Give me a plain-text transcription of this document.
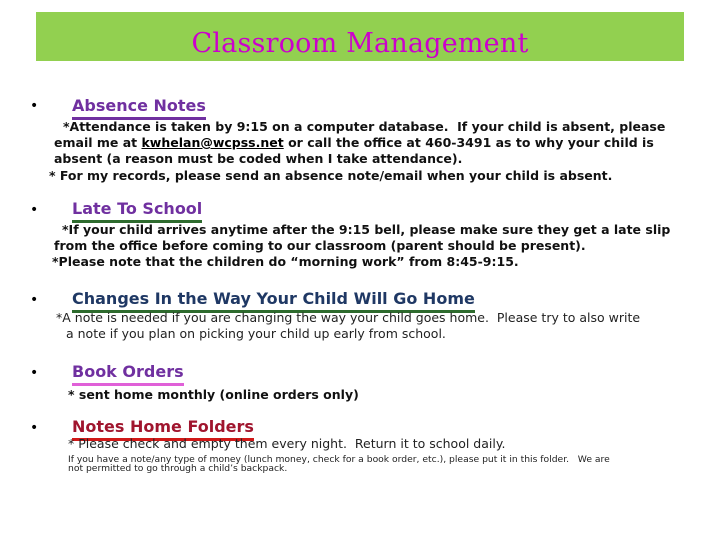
Classroom Management
• Absence Notes
*Attendance is taken by 9:15 on a computer database.  If your child is absent, please
email me at kwhelan@wcpss.net or call the office at 460-3491 as to why your child is
absent (a reason must be coded when I take attendance).
* For my records, please send an absence note/email when your child is absent.
• Late To School
*If your child arrives anytime after the 9:15 bell, please make sure they get a late slip
from the office before coming to our classroom (parent should be present).
*Please note that the children do “morning work” from 8:45-9:15.
• Changes In the Way Your Child Will Go Home
*A note is needed if you are changing the way your child goes home.  Please try to also write
a note if you plan on picking your child up early from school.
• Book Orders
* sent home monthly (online orders only)
• Notes Home Folders
* Please check and empty them every night.  Return it to school daily.
If you have a note/any type of money (lunch money, check for a book order, etc.), please put it in this folder.   We are
not permitted to go through a child’s backpack.
